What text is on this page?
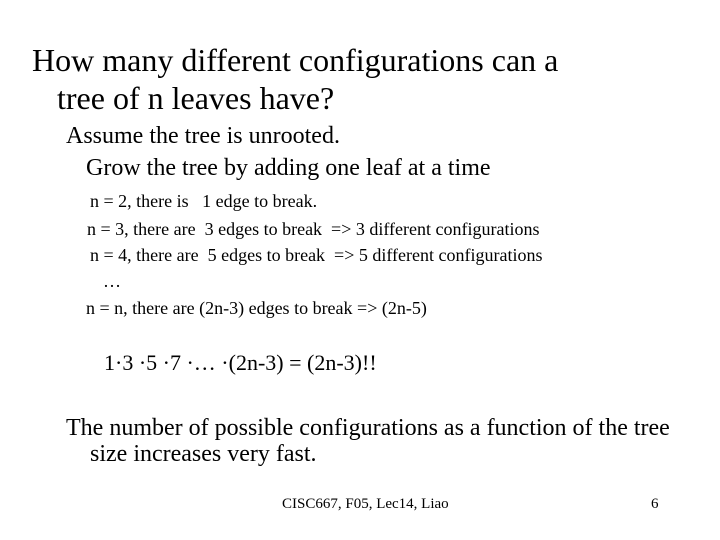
How many different configurations can a
tree of n leaves have?
Assume the tree is unrooted.
Grow the tree by adding one leaf at a time
n = 2, there is   1 edge to break.
n = 3, there are  3 edges to break  => 3 different configurations
n = 4, there are  5 edges to break  => 5 different configurations
…
n = n, there are (2n-3) edges to break => (2n-5)
1·3 ·5 ·7 ·… ·(2n-3) = (2n-3)!!
The number of possible configurations as a function of the tree
size increases very fast.
CISC667, F05, Lec14, Liao	6
